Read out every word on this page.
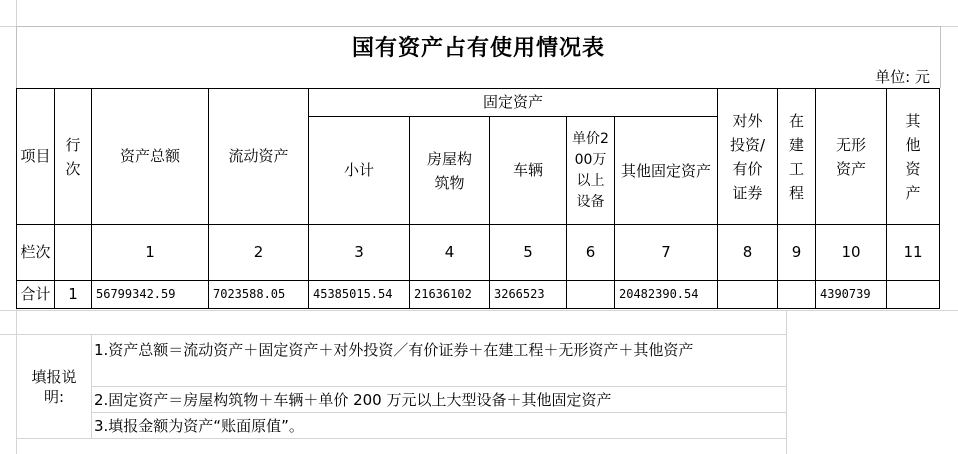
国有资产占有使用情况表
单位: 元
项目	行次	资产总额	流动资产	固定资产					对外投资/有价证券	在建工程	无形资产	其他资产

				小计	房屋构筑物	车辆	单价200万以上设备	其他固定资产				

栏次		1	2	3	4	5	6	7	8	9	10	11
合计	1	56799342.59	7023588.05	45385015.54	21636102	3266523		20482390.54			4390739	
填报说明:
	1.资产总额＝流动资产＋固定资产＋对外投资／有价证券＋在建工程＋无形资产＋其他资产
2.固定资产＝房屋构筑物＋车辆＋单价 200 万元以上大型设备＋其他固定资产
3.填报金额为资产“账面原值”。
